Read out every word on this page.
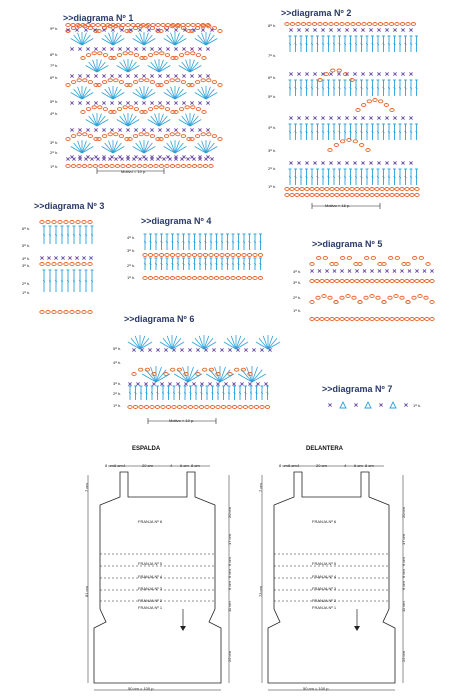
>>diagrama Nº 1	>>diagrama Nº 2
>>diagrama Nº 3
>>diagrama Nº 4
>>diagrama Nº 5
>>diagrama Nº 6
>>diagrama Nº 7
Motivo = 10 p.
Motivo = 16 p.
Motivo = 10 p.
9ª h.
8ª h.
7ª h.
6ª h.
5ª h.
4ª h.
3ª h.
2ª h.
1ª h.
8ª h.
7ª h.
6ª h.
5ª h.
4ª h.
3ª h.
2ª h.
1ª h.
6ª h.
5ª h.
4ª h.
3ª h.
2ª h.
1ª h.
4ª h.
3ª h.
2ª h.
1ª h.
4ª h.
3ª h.
2ª h.
1ª h.
5ª h.
4ª h.
3ª h.
2ª h.
1ª h.	1ª h.
ESPALDA	DELANTERA
50 cm = 100 p.	50 cm = 100 p.
8 cm 6 cm 4	20 cm	4 6 cm 8 cm
7 cm
81 cm
20 cm
17 cm
6 cm
6 cm
6 cm
11 cm
25 cm
FRANJA Nº 6
FRANJA Nº 5
FRANJA Nº 4
FRANJA Nº 3
FRANJA Nº 2
FRANJA Nº 1
8 cm 6 cm 4	20 cm	4 6 cm 8 cm
7 cm
73 cm
20 cm
17 cm
6 cm
6 cm
6 cm
11 cm
25 cm
FRANJA Nº 6
FRANJA Nº 5
FRANJA Nº 4
FRANJA Nº 3
FRANJA Nº 2
FRANJA Nº 1
